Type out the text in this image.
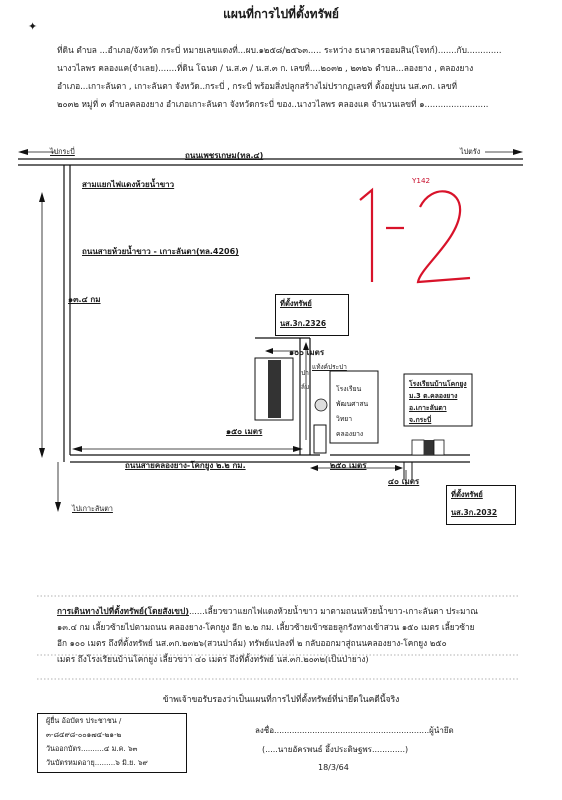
แผนที่การไปที่ตั้งทรัพย์
✦
ที่ดิน ตำบล ...อำเภอ/จังหวัด กระบี่ หมายเลขแดงที่...ผบ.๑๒๕๘/๒๕๖๓..... ระหว่าง ธนาคารออมสิน(โจทก์).......กับ.............
นางวไลพร คลองแค(จำเลย).......ที่ดิน โฉนด / น.ส.๓ / น.ส.๓ ก. เลขที่....๒๐๓๒ , ๒๓๒๖ ตำบล...ลองยาง , คลองยาง
อำเภอ...เกาะลันตา , เกาะลันตา จังหวัด..กระบี่ , กระบี่ พร้อมสิ่งปลูกสร้างไม่ปรากฏเลขที่ ตั้งอยู่บน นส.๓ก. เลขที่
๒๐๓๒ หมู่ที่ ๓ ตำบลคลองยาง อำเภอเกาะลันตา จังหวัดกระบี่ ของ..นางวไลพร คลองแค จำนวนเลขที่ ๑........................
ไปกระบี่	ไปตรัง
ถนนเพชรเกษม(ทล.๔)
สามแยกไฟแดงห้วยน้ำขาว
ถนนสายห้วยน้ำขาว - เกาะลันตา(ทล.4206)
๑๓.๔ กม
Y142
ที่ตั้งทรัพย์
นส.3ก.2326
๑๐๐ เมตร
๑๕๐ เมตร
แท้งค์ประปา
ปาล์ม	โรงเรียน
พัฒนศาสน
วิทยา
คลองยาง
โรงเรียนบ้านโคกยูง
ม.3 ต.คลองยาง
อ.เกาะลันตา
จ.กระบี่
ถนนสายคลองยาง-โคกยูง ๒.๒ กม.	๒๕๐ เมตร
๔๐ เมตร
ที่ตั้งทรัพย์
นส.3ก.2032
ไปเกาะลันตา
การเดินทางไปที่ตั้งทรัพย์(โดยสังเขป)......เลี้ยวขวาแยกไฟแดงห้วยน้ำขาว มาตามถนนห้วยน้ำขาว-เกาะลันตา ประมาณ
๑๓.๔ กม เลี้ยวซ้ายไปตามถนน คลองยาง-โคกยูง อีก ๒.๒ กม. เลี้ยวซ้ายเข้าซอยลูกรังทางเข้าสวน ๑๕๐ เมตร เลี้ยวซ้าย
อีก ๑๐๐ เมตร ถึงที่ตั้งทรัพย์ นส.๓ก.๒๓๒๖(สวนปาล์ม) ทรัพย์แปลงที่ ๒ กลับออกมาสู่ถนนคลองยาง-โคกยูง ๒๕๐
เมตร ถึงโรงเรียนบ้านโคกยูง เลี้ยวขวา ๔๐ เมตร ถึงที่ตั้งทรัพย์ นส.๓ก.๒๐๓๒(เป็นป่ายาง)
ข้าพเจ้าขอรับรองว่าเป็นแผนที่การไปที่ตั้งทรัพย์ที่น่ายึดในคดีนี้จริง
ผู้ยื่น อ้อบัตร ประชาชน /
๓-๘๔๙๘-๐๐๑๗๔-๒๑-๒
วันออกบัตร..........๔ ม.ค. ๖๓
วันบัตรหมดอายุ.........๖ มิ.ย. ๖๙
ลงชื่อ.............................................................ผู้นำยึด
(.....นายอัครพนธ์ อึ้งประดิษฐพร.............)
18/3/64
